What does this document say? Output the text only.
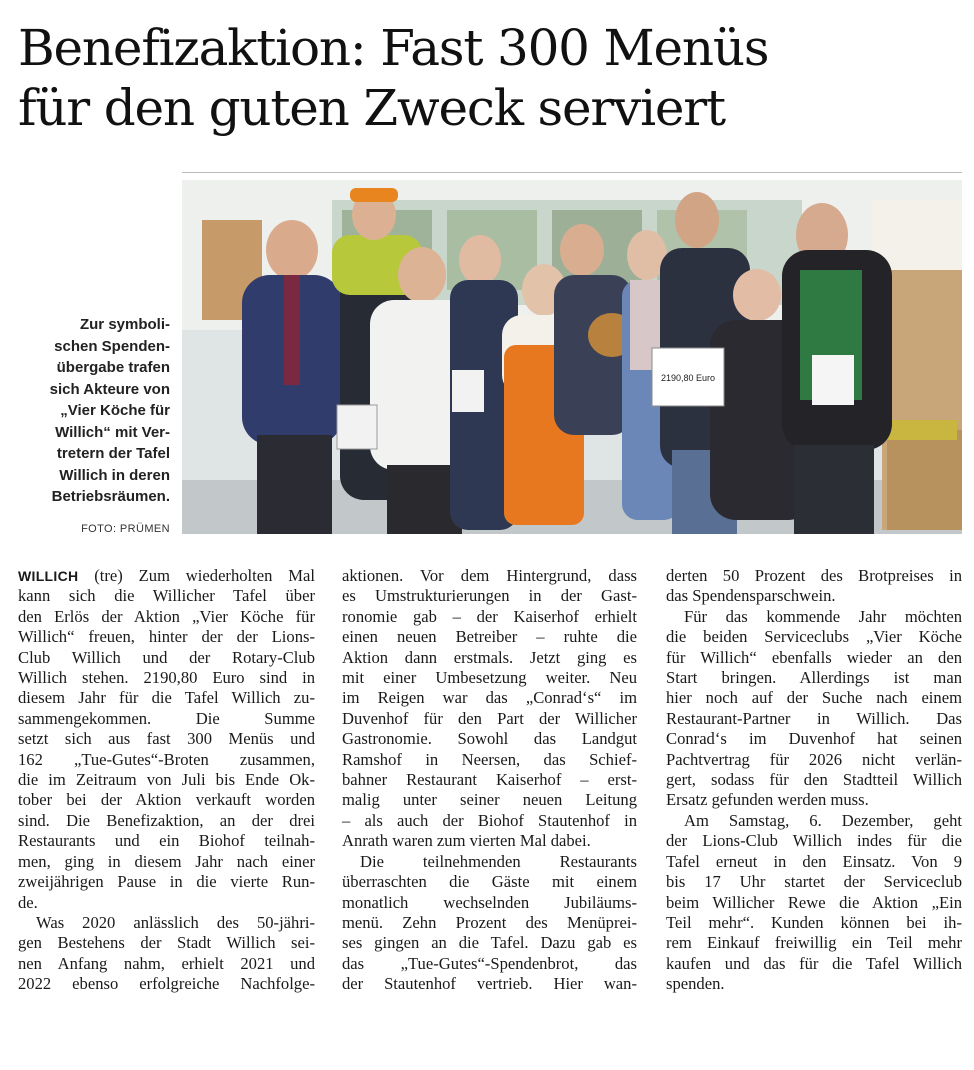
Benefizaktion: Fast 300 Menüs
für den guten Zweck serviert
Zur symboli-
schen Spenden-
übergabe trafen
sich Akteure von
„Vier Köche für
Willich“ mit Ver-
tretern der Tafel
Willich in deren
Betriebsräumen.
FOTO: PRÜMEN
2190,80 Euro
WILLICH (tre) Zum wiederholten Mal
kann sich die Willicher Tafel über
den Erlös der Aktion „Vier Köche für
Willich“ freuen, hinter der der Lions-
Club Willich und der Rotary-Club
Willich stehen. 2190,80 Euro sind in
diesem Jahr für die Tafel Willich zu-
sammengekommen. Die Summe
setzt sich aus fast 300 Menüs und
162 „Tue-Gutes“-Broten zusammen,
die im Zeitraum von Juli bis Ende Ok-
tober bei der Aktion verkauft worden
sind. Die Benefizaktion, an der drei
Restaurants und ein Biohof teilnah-
men, ging in diesem Jahr nach einer
zweijährigen Pause in die vierte Run-
de.
Was 2020 anlässlich des 50-jähri-
gen Bestehens der Stadt Willich sei-
nen Anfang nahm, erhielt 2021 und
2022 ebenso erfolgreiche Nachfolge-
aktionen. Vor dem Hintergrund, dass
es Umstrukturierungen in der Gast-
ronomie gab – der Kaiserhof erhielt
einen neuen Betreiber – ruhte die
Aktion dann erstmals. Jetzt ging es
mit einer Umbesetzung weiter. Neu
im Reigen war das „Conrad‘s“ im
Duvenhof für den Part der Willicher
Gastronomie. Sowohl das Landgut
Ramshof in Neersen, das Schief-
bahner Restaurant Kaiserhof – erst-
malig unter seiner neuen Leitung
– als auch der Biohof Stautenhof in
Anrath waren zum vierten Mal dabei.
Die teilnehmenden Restaurants
überraschten die Gäste mit einem
monatlich wechselnden Jubiläums-
menü. Zehn Prozent des Menüprei-
ses gingen an die Tafel. Dazu gab es
das „Tue-Gutes“-Spendenbrot, das
der Stautenhof vertrieb. Hier wan-
derten 50 Prozent des Brotpreises in
das Spendensparschwein.
Für das kommende Jahr möchten
die beiden Serviceclubs „Vier Köche
für Willich“ ebenfalls wieder an den
Start bringen. Allerdings ist man
hier noch auf der Suche nach einem
Restaurant-Partner in Willich. Das
Conrad‘s im Duvenhof hat seinen
Pachtvertrag für 2026 nicht verlän-
gert, sodass für den Stadtteil Willich
Ersatz gefunden werden muss.
Am Samstag, 6. Dezember, geht
der Lions-Club Willich indes für die
Tafel erneut in den Einsatz. Von 9
bis 17 Uhr startet der Serviceclub
beim Willicher Rewe die Aktion „Ein
Teil mehr“. Kunden können bei ih-
rem Einkauf freiwillig ein Teil mehr
kaufen und das für die Tafel Willich
spenden.
